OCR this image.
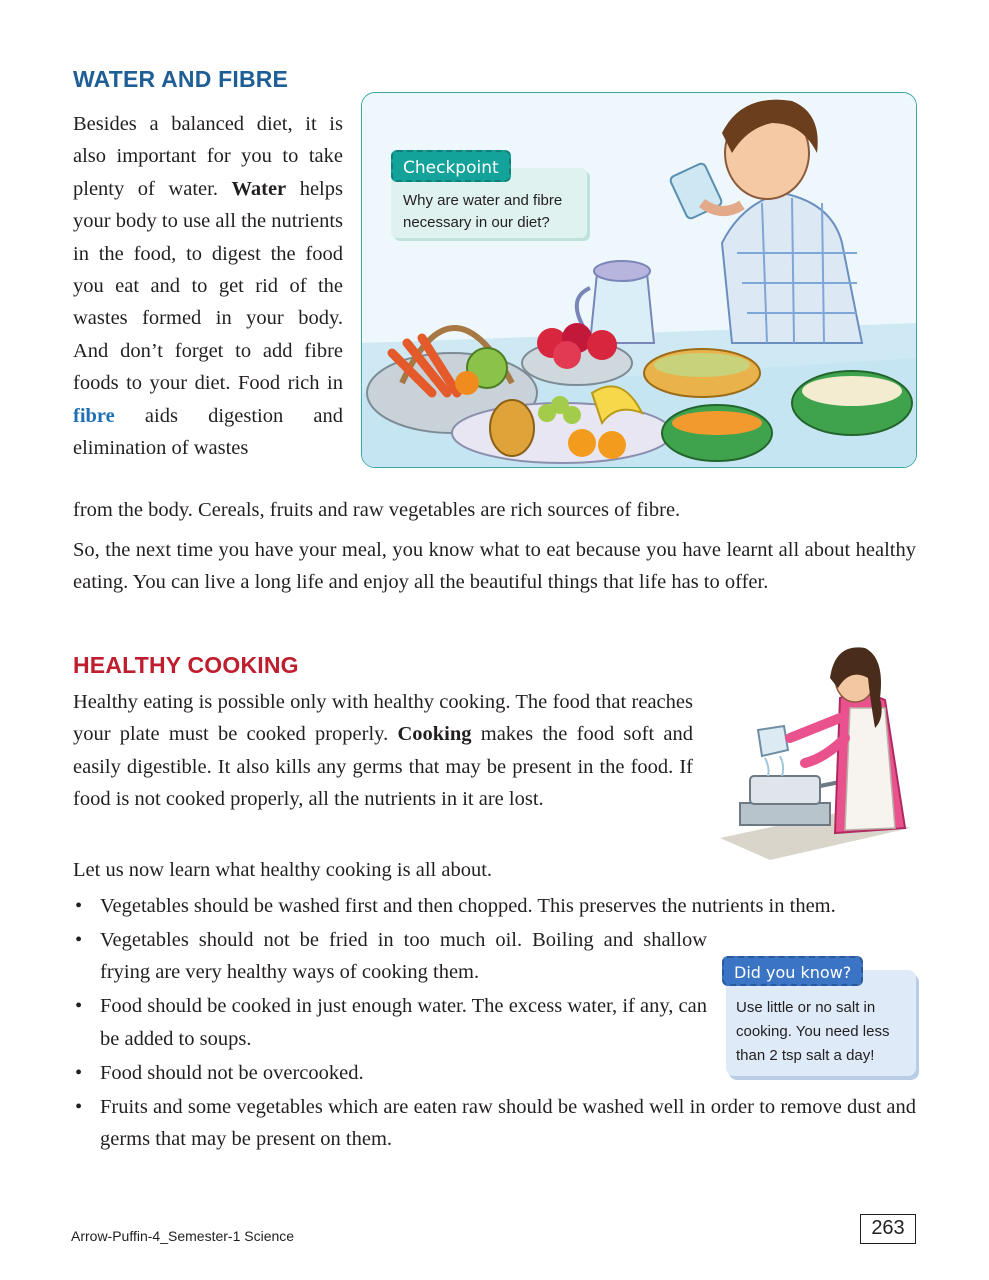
WATER AND FIBRE

Besides a balanced diet, it is also important for you to take plenty of water. Water helps your body to use all the nutrients in the food, to digest the food you eat and to get rid of the wastes formed in your body. And don’t forget to add fibre foods to your diet. Food rich in fibre aids digestion and elimination of wastes

from the body. Cereals, fruits and raw vegetables are rich sources of fibre.

Checkpoint
Why are water and fibre necessary in our diet?

So, the next time you have your meal, you know what to eat because you have learnt all about healthy eating. You can live a long life and enjoy all the beautiful things that life has to offer.

HEALTHY COOKING

Healthy eating is possible only with healthy cooking. The food that reaches your plate must be cooked properly. Cooking makes the food soft and easily digestible. It also kills any germs that may be present in the food. If food is not cooked properly, all the nutrients in it are lost.

Let us now learn what healthy cooking is all about.

• Vegetables should be washed first and then chopped. This preserves the nutrients in them.
• Vegetables should not be fried in too much oil. Boiling and shallow frying are very healthy ways of cooking them.
• Food should be cooked in just enough water. The excess water, if any, can be added to soups.
• Food should not be overcooked.
• Fruits and some vegetables which are eaten raw should be washed well in order to remove dust and germs that may be present on them.
Did you know?
Use little or no salt in cooking. You need less than 2 tsp salt a day!
Arrow-Puffin-4_Semester-1 Science	263
